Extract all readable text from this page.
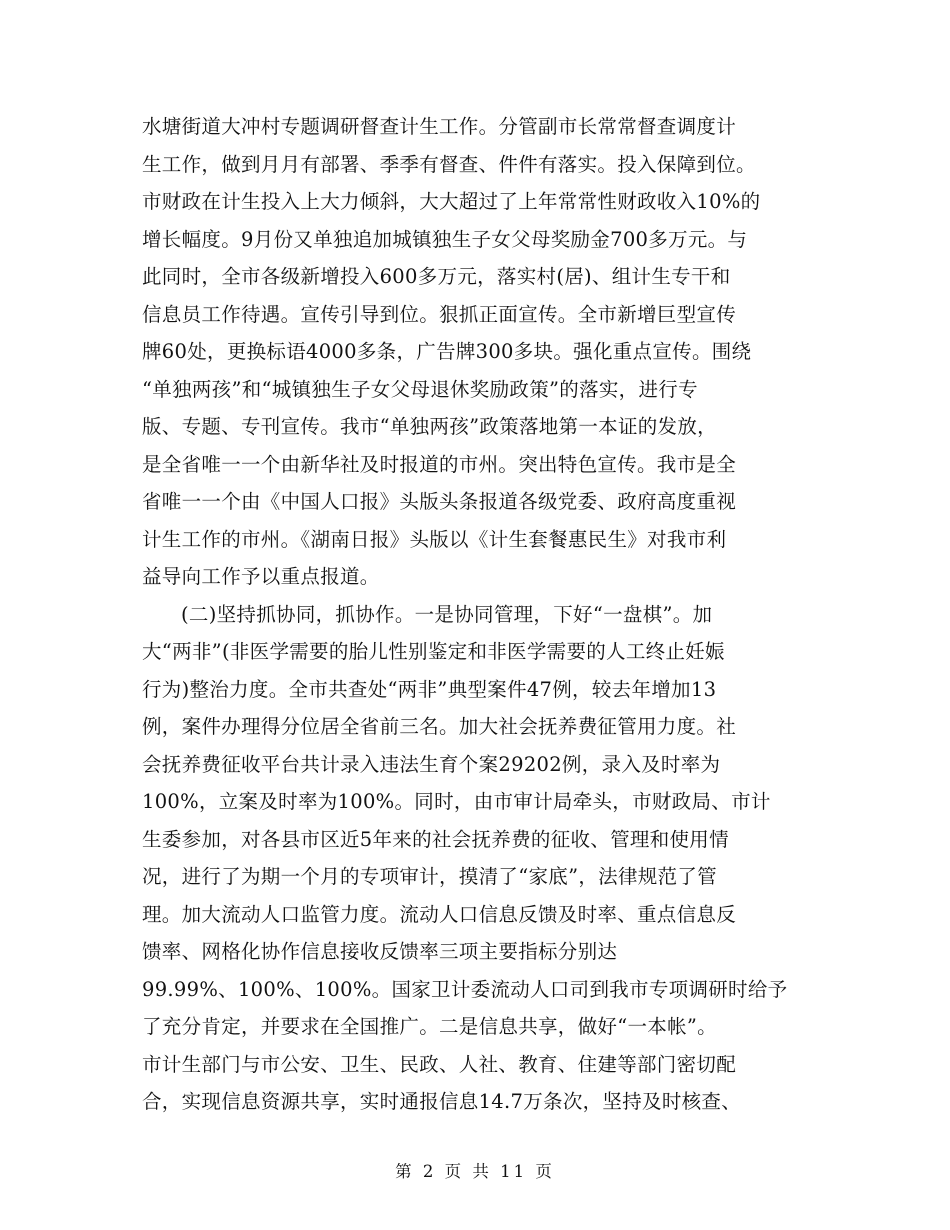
水塘街道大冲村专题调研督查计生工作。分管副市长常常督查调度计
生工作，做到月月有部署、季季有督查、件件有落实。投入保障到位。
市财政在计生投入上大力倾斜，大大超过了上年常常性财政收入10%的
增长幅度。9月份又单独追加城镇独生子女父母奖励金700多万元。与
此同时，全市各级新增投入600多万元，落实村(居)、组计生专干和
信息员工作待遇。宣传引导到位。狠抓正面宣传。全市新增巨型宣传
牌60处，更换标语4000多条，广告牌300多块。强化重点宣传。围绕
“单独两孩”和“城镇独生子女父母退休奖励政策”的落实，进行专
版、专题、专刊宣传。我市“单独两孩”政策落地第一本证的发放，
是全省唯一一个由新华社及时报道的市州。突出特色宣传。我市是全
省唯一一个由《中国人口报》头版头条报道各级党委、政府高度重视
计生工作的市州。《湖南日报》头版以《计生套餐惠民生》对我市利
益导向工作予以重点报道。
(二)坚持抓协同，抓协作。一是协同管理，下好“一盘棋”。加
大“两非”(非医学需要的胎儿性别鉴定和非医学需要的人工终止妊娠
行为)整治力度。全市共查处“两非”典型案件47例，较去年增加13
例，案件办理得分位居全省前三名。加大社会抚养费征管用力度。社
会抚养费征收平台共计录入违法生育个案29202例，录入及时率为
100%，立案及时率为100%。同时，由市审计局牵头，市财政局、市计
生委参加，对各县市区近5年来的社会抚养费的征收、管理和使用情
况，进行了为期一个月的专项审计，摸清了“家底”，法律规范了管
理。加大流动人口监管力度。流动人口信息反馈及时率、重点信息反
馈率、网格化协作信息接收反馈率三项主要指标分别达
99.99%、100%、100%。国家卫计委流动人口司到我市专项调研时给予
了充分肯定，并要求在全国推广。二是信息共享，做好“一本帐”。
市计生部门与市公安、卫生、民政、人社、教育、住建等部门密切配
合，实现信息资源共享，实时通报信息14.7万条次，坚持及时核查、
第 2 页 共 11 页
